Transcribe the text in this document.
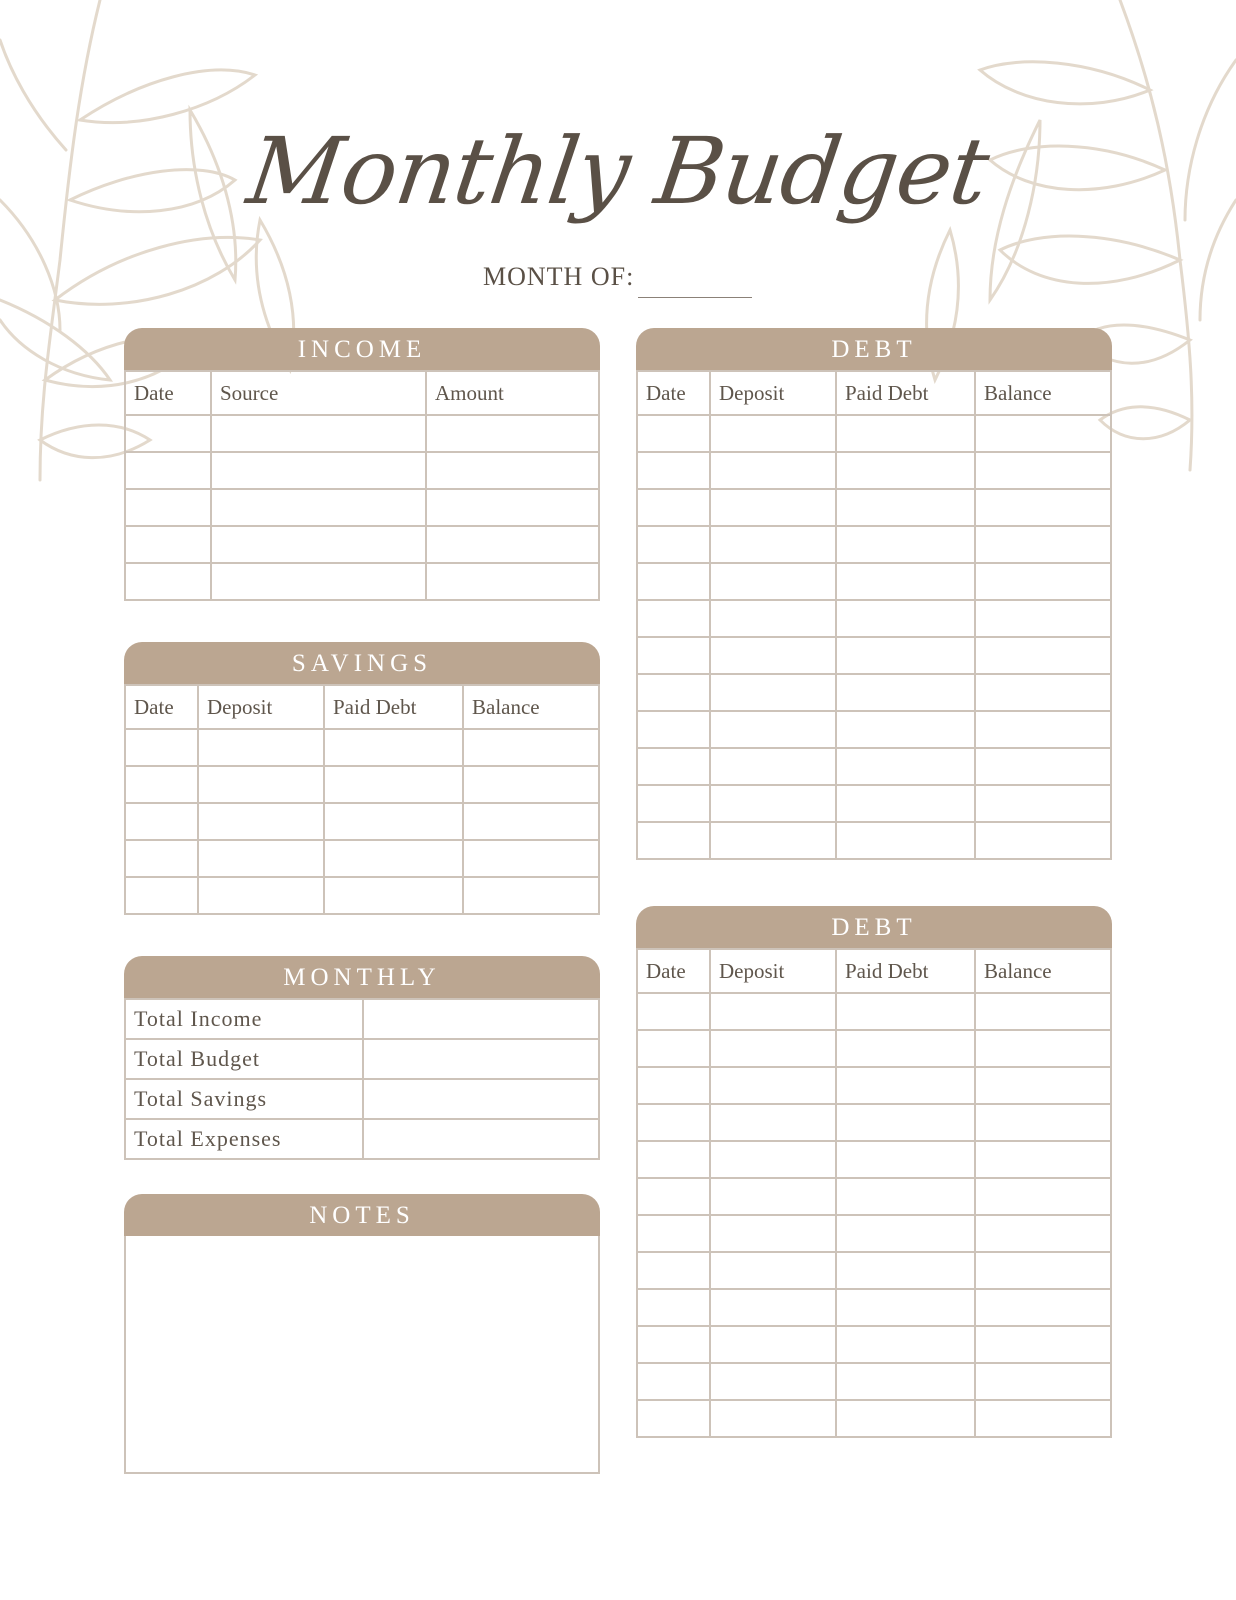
Monthly Budget
MONTH OF:
INCOME
Date	Source	Amount

SAVINGS
Date	Deposit	Paid Debt	Balance

MONTHLY
Total Income	
Total Budget	
Total Savings	
Total Expenses	
NOTES
DEBT
Date	Deposit	Paid Debt	Balance

DEBT
Date	Deposit	Paid Debt	Balance
